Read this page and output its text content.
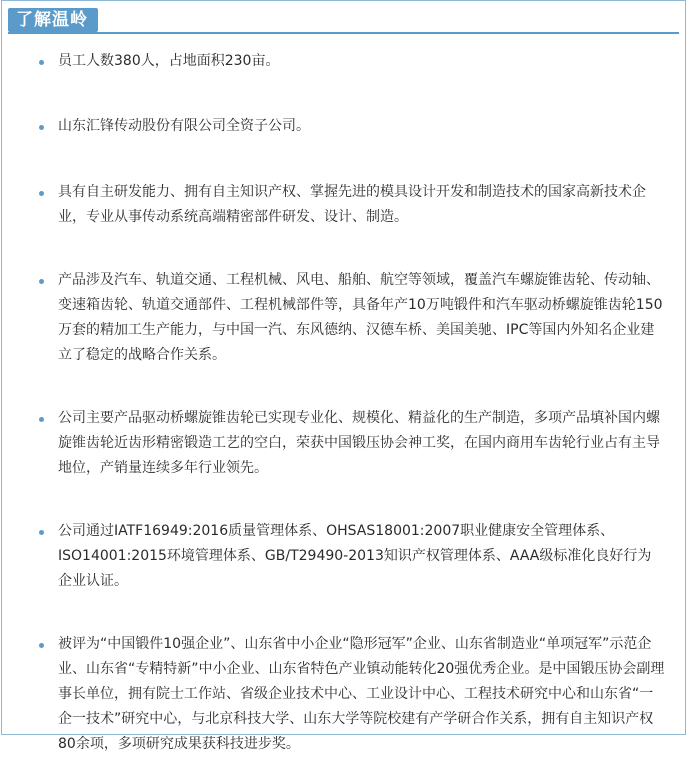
了解温岭
员工人数380人，占地面积230亩。
山东汇锋传动股份有限公司全资子公司。
具有自主研发能力、拥有自主知识产权、掌握先进的模具设计开发和制造技术的国家高新技术企业，专业从事传动系统高端精密部件研发、设计、制造。
产品涉及汽车、轨道交通、工程机械、风电、船舶、航空等领域，覆盖汽车螺旋锥齿轮、传动轴、变速箱齿轮、轨道交通部件、工程机械部件等，具备年产10万吨锻件和汽车驱动桥螺旋锥齿轮150万套的精加工生产能力，与中国一汽、东风德纳、汉德车桥、美国美驰、IPC等国内外知名企业建立了稳定的战略合作关系。
公司主要产品驱动桥螺旋锥齿轮已实现专业化、规模化、精益化的生产制造，多项产品填补国内螺旋锥齿轮近齿形精密锻造工艺的空白，荣获中国锻压协会神工奖，在国内商用车齿轮行业占有主导地位，产销量连续多年行业领先。
公司通过IATF16949:2016质量管理体系、OHSAS18001:2007职业健康安全管理体系、ISO14001:2015环境管理体系、GB/T29490-2013知识产权管理体系、AAA级标准化良好行为企业认证。
被评为“中国锻件10强企业”、山东省中小企业“隐形冠军”企业、山东省制造业“单项冠军”示范企业、山东省“专精特新”中小企业、山东省特色产业镇动能转化20强优秀企业。是中国锻压协会副理事长单位，拥有院士工作站、省级企业技术中心、工业设计中心、工程技术研究中心和山东省“一企一技术”研究中心，与北京科技大学、山东大学等院校建有产学研合作关系，拥有自主知识产权80余项，多项研究成果获科技进步奖。
